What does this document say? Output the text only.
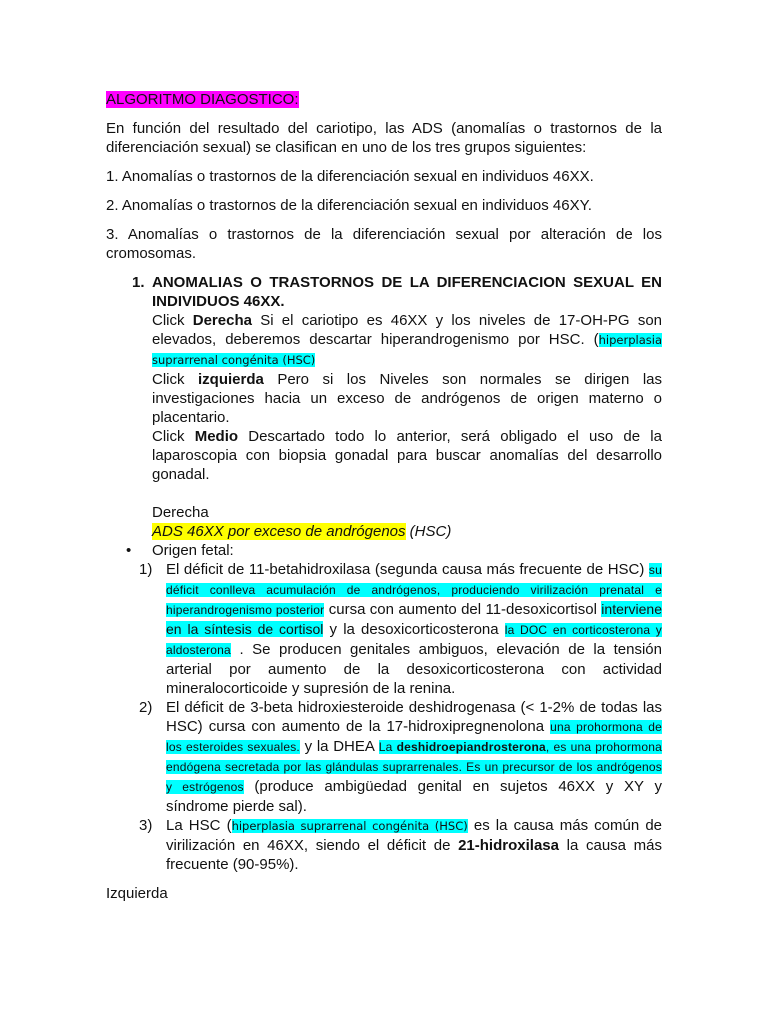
ALGORITMO DIAGOSTICO:

En función del resultado del cariotipo, las ADS (anomalías o trastornos de la diferenciación sexual) se clasifican en uno de los tres grupos siguientes:

1. Anomalías o trastornos de la diferenciación sexual en individuos 46XX.

2. Anomalías o trastornos de la diferenciación sexual en individuos 46XY.

3. Anomalías o trastornos de la diferenciación sexual por alteración de los cromosomas.

1. ANOMALIAS O TRASTORNOS DE LA DIFERENCIACION SEXUAL EN INDIVIDUOS 46XX.

Click Derecha Si el cariotipo es 46XX y los niveles de 17-OH-PG son elevados, deberemos descartar hiperandrogenismo por HSC. (hiperplasia suprarrenal congénita (HSC)

Click izquierda Pero si los Niveles son normales se dirigen las investigaciones hacia un exceso de andrógenos de origen materno o placentario.

Click Medio Descartado todo lo anterior, será obligado el uso de la laparoscopia con biopsia gonadal para buscar anomalías del desarrollo gonadal.

Derecha

ADS 46XX por exceso de andrógenos (HSC)

•	Origen fetal:
1) El déficit de 11-betahidroxilasa (segunda causa más frecuente de HSC) su déficit conlleva acumulación de andrógenos, produciendo virilización prenatal e hiperandrogenismo posterior cursa con aumento del 11-desoxicortisol interviene en la síntesis de cortisol y la desoxicorticosterona la DOC en corticosterona y aldosterona . Se producen genitales ambiguos, elevación de la tensión arterial por aumento de la desoxicorticosterona con actividad mineralocorticoide y supresión de la renina.
2) El déficit de 3-beta hidroxiesteroide deshidrogenasa (< 1-2% de todas las HSC) cursa con aumento de la 17-hidroxipregnenolona una prohormona de los esteroides sexuales. y la DHEA La deshidroepiandrosterona, es una prohormona endógena secretada por las glándulas suprarrenales. Es un precursor de los andrógenos y estrógenos (produce ambigüedad genital en sujetos 46XX y XY y síndrome pierde sal).
3) La HSC (hiperplasia suprarrenal congénita (HSC) es la causa más común de virilización en 46XX, siendo el déficit de 21-hidroxilasa la causa más frecuente (90-95%).

Izquierda
